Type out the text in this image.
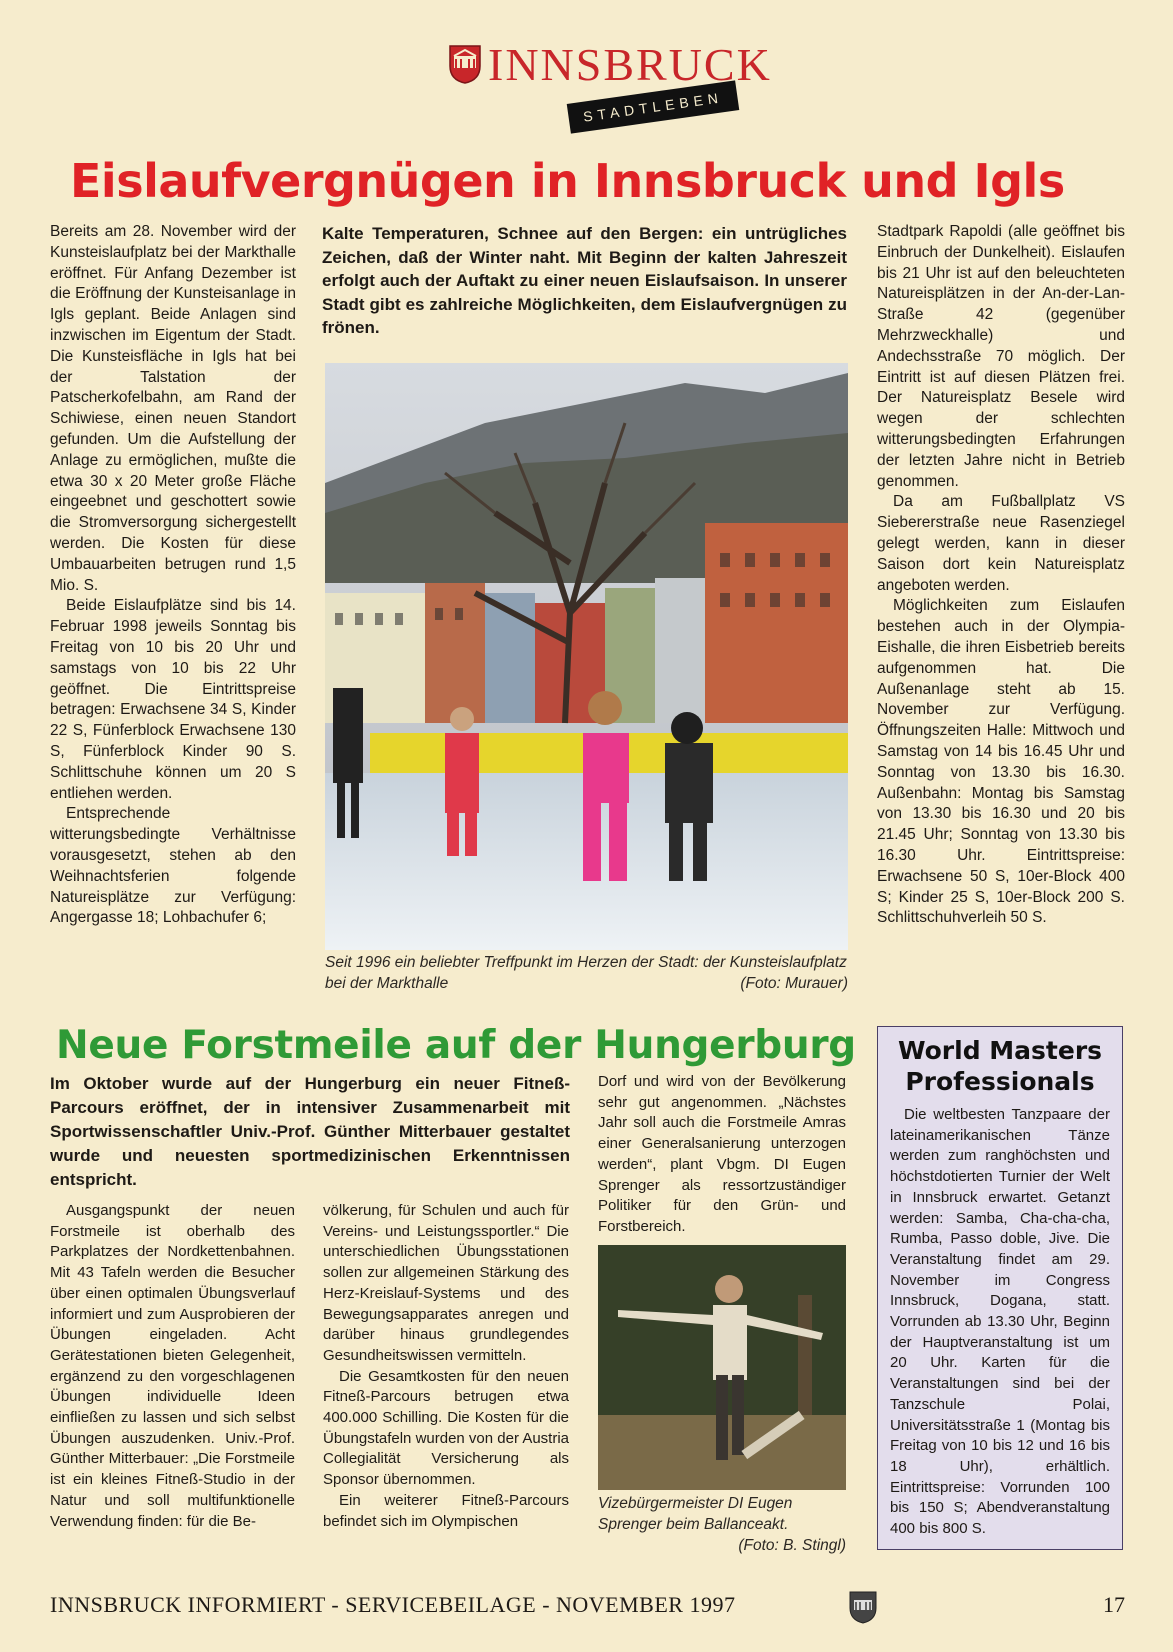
INNSBRUCK
STADTLEBEN
Eislaufvergnügen in Innsbruck und Igls

Bereits am 28. November wird der Kunsteislaufplatz bei der Markthalle eröffnet. Für Anfang Dezember ist die Eröffnung der Kunsteisanlage in Igls geplant. Beide Anlagen sind inzwischen im Eigentum der Stadt. Die Kunsteisfläche in Igls hat bei der Talstation der Patscherkofelbahn, am Rand der Schiwiese, einen neuen Standort gefunden. Um die Aufstellung der Anlage zu ermöglichen, mußte die etwa 30 x 20 Meter große Fläche eingeebnet und geschottert sowie die Stromversorgung sichergestellt werden. Die Kosten für diese Umbauarbeiten betrugen rund 1,5 Mio. S.

Beide Eislaufplätze sind bis 14. Februar 1998 jeweils Sonntag bis Freitag von 10 bis 20 Uhr und samstags von 10 bis 22 Uhr geöffnet. Die Eintrittspreise betragen: Erwachsene 34 S, Kinder 22 S, Fünferblock Erwachsene 130 S, Fünferblock Kinder 90 S. Schlittschuhe können um 20 S entliehen werden.

Entsprechende witterungsbedingte Verhältnisse vorausgesetzt, stehen ab den Weihnachtsferien folgende Natureisplätze zur Verfügung: Angergasse 18; Lohbachufer 6;

Kalte Temperaturen, Schnee auf den Bergen: ein untrügliches Zeichen, daß der Winter naht. Mit Beginn der kalten Jahreszeit erfolgt auch der Auftakt zu einer neuen Eislaufsaison. In unserer Stadt gibt es zahlreiche Möglichkeiten, dem Eislaufvergnügen zu frönen.
Seit 1996 ein beliebter Treffpunkt im Herzen der Stadt: der Kunsteislaufplatz bei der Markthalle	(Foto: Murauer)

Stadtpark Rapoldi (alle geöffnet bis Einbruch der Dunkelheit). Eislaufen bis 21 Uhr ist auf den beleuchteten Natureisplätzen in der An-der-Lan-Straße 42 (gegenüber Mehrzweckhalle) und Andechsstraße 70 möglich. Der Eintritt ist auf diesen Plätzen frei. Der Natureisplatz Besele wird wegen der schlechten witterungsbedingten Erfahrungen der letzten Jahre nicht in Betrieb genommen.

Da am Fußballplatz VS Siebererstraße neue Rasenziegel gelegt werden, kann in dieser Saison dort kein Natureisplatz angeboten werden.

Möglichkeiten zum Eislaufen bestehen auch in der Olympia-Eishalle, die ihren Eisbetrieb bereits aufgenommen hat. Die Außenanlage steht ab 15. November zur Verfügung. Öffnungszeiten Halle: Mittwoch und Samstag von 14 bis 16.45 Uhr und Sonntag von 13.30 bis 16.30. Außenbahn: Montag bis Samstag von 13.30 bis 16.30 und 20 bis 21.45 Uhr; Sonntag von 13.30 bis 16.30 Uhr. Eintrittspreise: Erwachsene 50 S, 10er-Block 400 S; Kinder 25 S, 10er-Block 200 S. Schlittschuhverleih 50 S.

Neue Forstmeile auf der Hungerburg
Im Oktober wurde auf der Hungerburg ein neuer Fitneß-Parcours eröffnet, der in intensiver Zusammenarbeit mit Sportwissenschaftler Univ.-Prof. Günther Mitterbauer gestaltet wurde und neuesten sportmedizinischen Erkenntnissen entspricht.

Ausgangspunkt der neuen Forstmeile ist oberhalb des Parkplatzes der Nordkettenbahnen. Mit 43 Tafeln werden die Besucher über einen optimalen Übungsverlauf informiert und zum Ausprobieren der Übungen eingeladen. Acht Gerätestationen bieten Gelegenheit, ergänzend zu den vorgeschlagenen Übungen individuelle Ideen einfließen zu lassen und sich selbst Übungen auszudenken. Univ.-Prof. Günther Mitterbauer: „Die Forstmeile ist ein kleines Fitneß-Studio in der Natur und soll multifunktionelle Verwendung finden: für die Be-

völkerung, für Schulen und auch für Vereins- und Leistungssportler.“ Die unterschiedlichen Übungsstationen sollen zur allgemeinen Stärkung des Herz-Kreislauf-Systems und des Bewegungsapparates anregen und darüber hinaus grundlegendes Gesundheitswissen vermitteln.

Die Gesamtkosten für den neuen Fitneß-Parcours betrugen etwa 400.000 Schilling. Die Kosten für die Übungstafeln wurden von der Austria Collegialität Versicherung als Sponsor übernommen.

Ein weiterer Fitneß-Parcours befindet sich im Olympischen

Dorf und wird von der Bevölkerung sehr gut angenommen. „Nächstes Jahr soll auch die Forstmeile Amras einer Generalsanierung unterzogen werden“, plant Vbgm. DI Eugen Sprenger als ressortzuständiger Politiker für den Grün- und Forstbereich.

Vizebürgermeister DI Eugen Sprenger beim Ballanceakt.
(Foto: B. Stingl)
World Masters Professionals
Die weltbesten Tanzpaare der lateinamerikanischen Tänze werden zum ranghöchsten und höchstdotierten Turnier der Welt in Innsbruck erwartet. Getanzt werden: Samba, Cha-cha-cha, Rumba, Passo doble, Jive. Die Veranstaltung findet am 29. November im Congress Innsbruck, Dogana, statt. Vorrunden ab 13.30 Uhr, Beginn der Hauptveranstaltung ist um 20 Uhr. Karten für die Veranstaltungen sind bei der Tanzschule Polai, Universitätsstraße 1 (Montag bis Freitag von 10 bis 12 und 16 bis 18 Uhr), erhältlich. Eintrittspreise: Vorrunden 100 bis 150 S; Abendveranstaltung 400 bis 800 S.
INNSBRUCK INFORMIERT - SERVICEBEILAGE - NOVEMBER 1997	17
